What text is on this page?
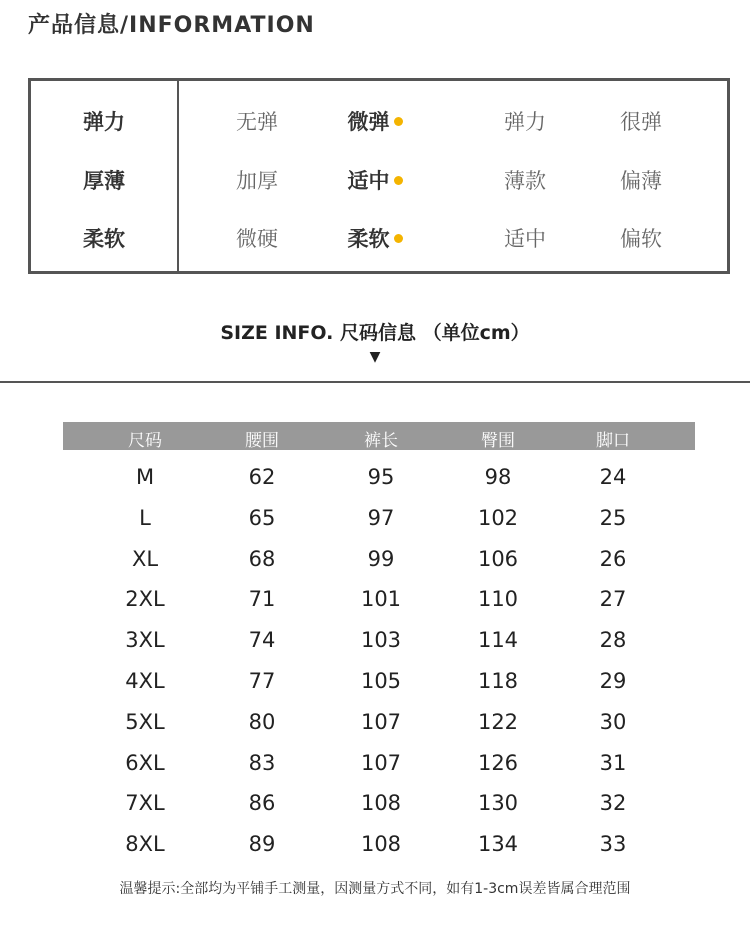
产品信息/INFORMATION
弹力	无弹	微弹	弹力	很弹
厚薄	加厚	适中	薄款	偏薄
柔软	微硬	柔软	适中	偏软
SIZE INFO. 尺码信息 （单位cm）
▼
尺码	腰围	裤长	臀围	脚口
M	62	95	98	24
L	65	97	102	25
XL	68	99	106	26
2XL	71	101	110	27
3XL	74	103	114	28
4XL	77	105	118	29
5XL	80	107	122	30
6XL	83	107	126	31
7XL	86	108	130	32
8XL	89	108	134	33
温馨提示:全部均为平铺手工测量，因测量方式不同，如有1-3cm误差皆属合理范围
